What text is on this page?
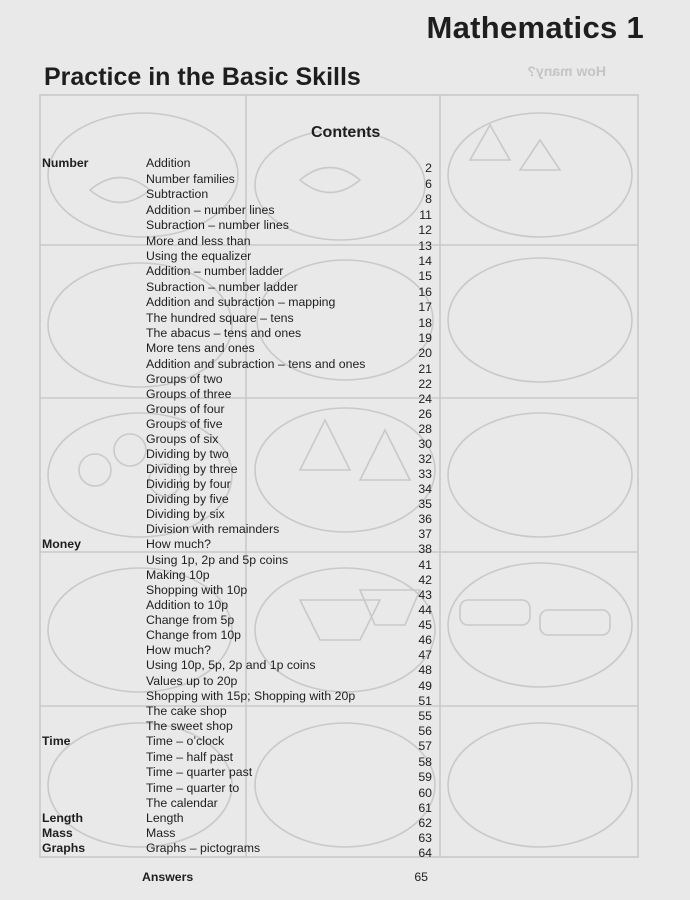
How many?
Mathematics 1
Practice in the Basic Skills
Contents
Number	Addition	2
Number families	6
Subtraction	8
Addition – number lines	11
Subraction – number lines	12
More and less than	13
Using the equalizer	14
Addition – number ladder	15
Subraction – number ladder	16
Addition and subraction – mapping	17
The hundred square – tens	18
The abacus – tens and ones	19
More tens and ones	20
Addition and subraction – tens and ones	21
Groups of two	22
Groups of three	24
Groups of four	26
Groups of five	28
Groups of six	30
Dividing by two	32
Dividing by three	33
Dividing by four	34
Dividing by five	35
Dividing by six	36
Division with remainders	37
Money	How much?	38
Using 1p, 2p and 5p coins	41
Making 10p	42
Shopping with 10p	43
Addition to 10p	44
Change from 5p	45
Change from 10p	46
How much?	47
Using 10p, 5p, 2p and 1p coins	48
Values up to 20p	49
Shopping with 15p; Shopping with 20p	51
The cake shop	55
The sweet shop	56
Time	Time – o’clock	57
Time – half past	58
Time – quarter past	59
Time – quarter to	60
The calendar	61
Length	Length	62
Mass	Mass	63
Graphs	Graphs – pictograms	64
Answers	65
